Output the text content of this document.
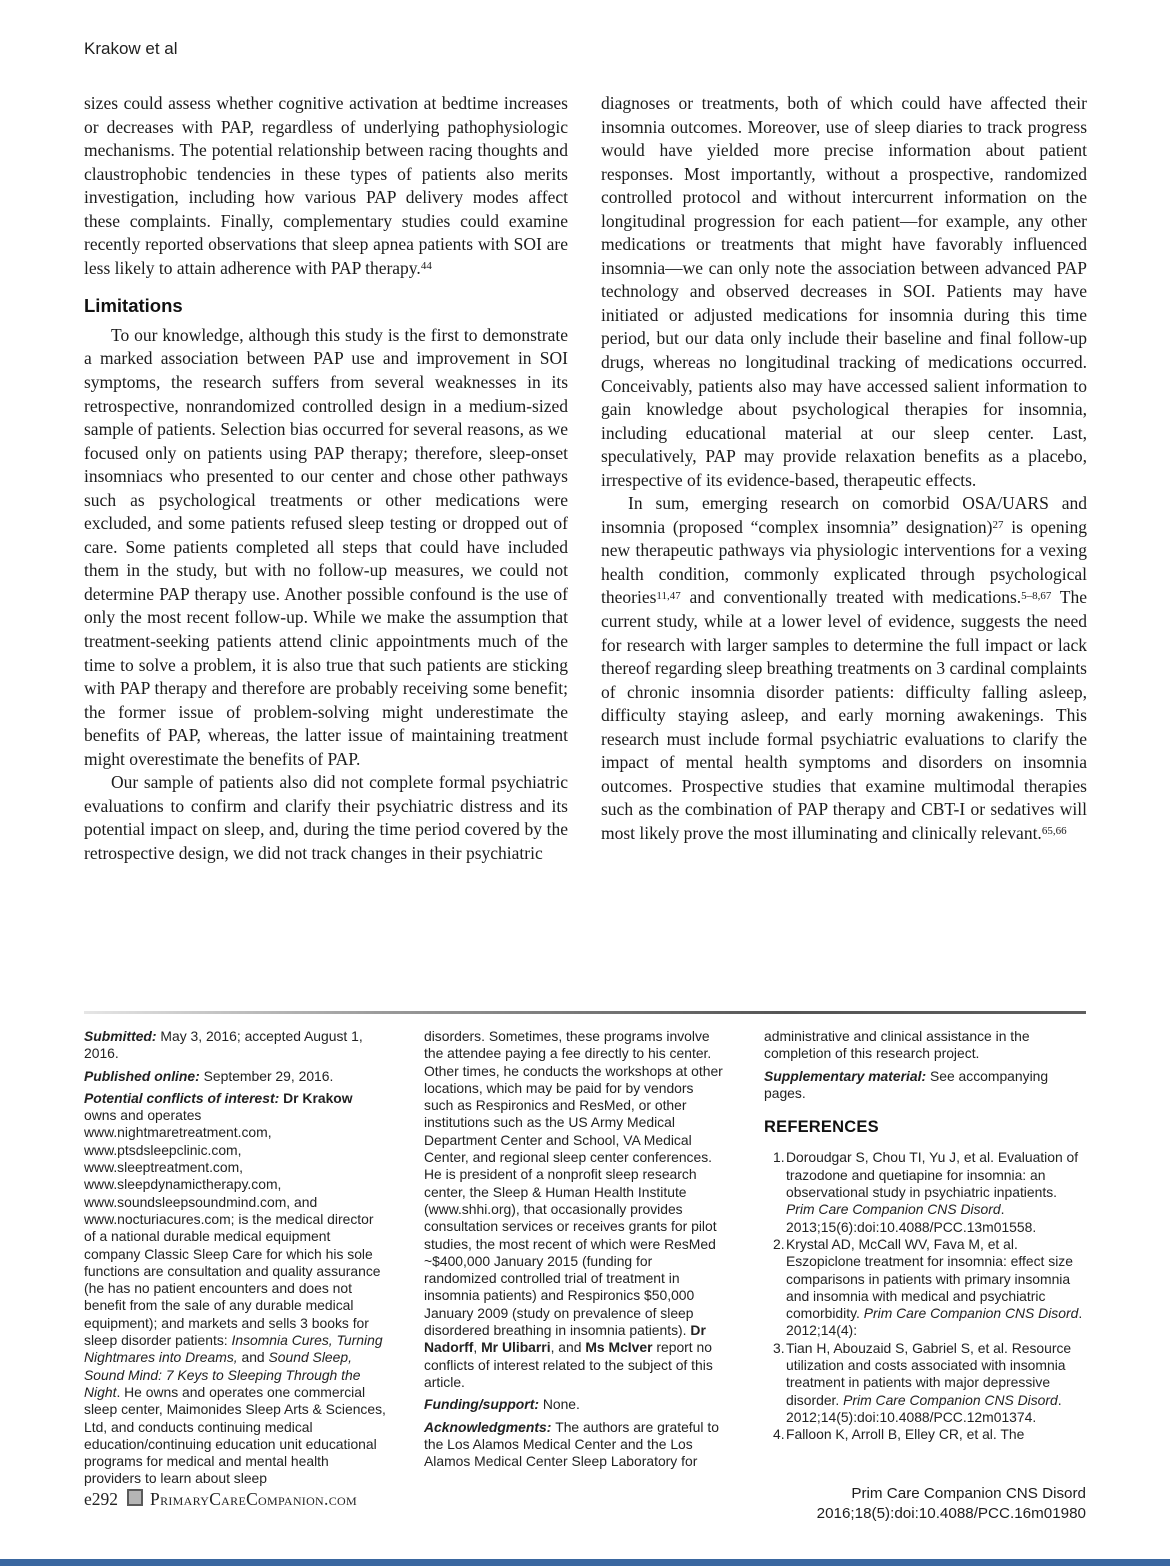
Krakow et al

sizes could assess whether cognitive activation at bedtime increases or decreases with PAP, regardless of underlying pathophysiologic mechanisms. The potential relationship between racing thoughts and claustrophobic tendencies in these types of patients also merits investigation, including how various PAP delivery modes affect these complaints. Finally, complementary studies could examine recently reported observations that sleep apnea patients with SOI are less likely to attain adherence with PAP therapy.$^{44}$

Limitations

To our knowledge, although this study is the first to demonstrate a marked association between PAP use and improvement in SOI symptoms, the research suffers from several weaknesses in its retrospective, nonrandomized controlled design in a medium-sized sample of patients. Selection bias occurred for several reasons, as we focused only on patients using PAP therapy; therefore, sleep-onset insomniacs who presented to our center and chose other pathways such as psychological treatments or other medications were excluded, and some patients refused sleep testing or dropped out of care. Some patients completed all steps that could have included them in the study, but with no follow-up measures, we could not determine PAP therapy use. Another possible confound is the use of only the most recent follow-up. While we make the assumption that treatment-seeking patients attend clinic appointments much of the time to solve a problem, it is also true that such patients are sticking with PAP therapy and therefore are probably receiving some benefit; the former issue of problem-solving might underestimate the benefits of PAP, whereas, the latter issue of maintaining treatment might overestimate the benefits of PAP.

Our sample of patients also did not complete formal psychiatric evaluations to confirm and clarify their psychiatric distress and its potential impact on sleep, and, during the time period covered by the retrospective design, we did not track changes in their psychiatric

diagnoses or treatments, both of which could have affected their insomnia outcomes. Moreover, use of sleep diaries to track progress would have yielded more precise information about patient responses. Most importantly, without a prospective, randomized controlled protocol and without intercurrent information on the longitudinal progression for each patient—for example, any other medications or treatments that might have favorably influenced insomnia—we can only note the association between advanced PAP technology and observed decreases in SOI. Patients may have initiated or adjusted medications for insomnia during this time period, but our data only include their baseline and final follow-up drugs, whereas no longitudinal tracking of medications occurred. Conceivably, patients also may have accessed salient information to gain knowledge about psychological therapies for insomnia, including educational material at our sleep center. Last, speculatively, PAP may provide relaxation benefits as a placebo, irrespective of its evidence-based, therapeutic effects.

In sum, emerging research on comorbid OSA/UARS and insomnia (proposed “complex insomnia” designation)$^{27}$ is opening new therapeutic pathways via physiologic interventions for a vexing health condition, commonly explicated through psychological theories$^{11,47}$ and conventionally treated with medications.$^{5-8,67}$ The current study, while at a lower level of evidence, suggests the need for research with larger samples to determine the full impact or lack thereof regarding sleep breathing treatments on 3 cardinal complaints of chronic insomnia disorder patients: difficulty falling asleep, difficulty staying asleep, and early morning awakenings. This research must include formal psychiatric evaluations to clarify the impact of mental health symptoms and disorders on insomnia outcomes. Prospective studies that examine multimodal therapies such as the combination of PAP therapy and CBT-I or sedatives will most likely prove the most illuminating and clinically relevant.$^{65,66}$

Submitted: May 3, 2016; accepted August 1, 2016.

Published online: September 29, 2016.

Potential conflicts of interest: Dr Krakow owns and operates www.nightmaretreatment.com, www.ptsdsleepclinic.com, www.sleeptreatment.com, www.sleepdynamictherapy.com, www.soundsleepsoundmind.com, and www.nocturiacures.com; is the medical director of a national durable medical equipment company Classic Sleep Care for which his sole functions are consultation and quality assurance (he has no patient encounters and does not benefit from the sale of any durable medical equipment); and markets and sells 3 books for sleep disorder patients: Insomnia Cures, Turning Nightmares into Dreams, and Sound Sleep, Sound Mind: 7 Keys to Sleeping Through the Night. He owns and operates one commercial sleep center, Maimonides Sleep Arts & Sciences, Ltd, and conducts continuing medical education/continuing education unit educational programs for medical and mental health providers to learn about sleep

disorders. Sometimes, these programs involve the attendee paying a fee directly to his center. Other times, he conducts the workshops at other locations, which may be paid for by vendors such as Respironics and ResMed, or other institutions such as the US Army Medical Department Center and School, VA Medical Center, and regional sleep center conferences. He is president of a nonprofit sleep research center, the Sleep & Human Health Institute (www.shhi.org), that occasionally provides consultation services or receives grants for pilot studies, the most recent of which were ResMed ~$400,000 January 2015 (funding for randomized controlled trial of treatment in insomnia patients) and Respironics $50,000 January 2009 (study on prevalence of sleep disordered breathing in insomnia patients). Dr Nadorff, Mr Ulibarri, and Ms McIver report no conflicts of interest related to the subject of this article.

Funding/support: None.

Acknowledgments: The authors are grateful to the Los Alamos Medical Center and the Los Alamos Medical Center Sleep Laboratory for

administrative and clinical assistance in the completion of this research project.

Supplementary material: See accompanying pages.

REFERENCES
1. Doroudgar S, Chou TI, Yu J, et al. Evaluation of trazodone and quetiapine for insomnia: an observational study in psychiatric inpatients. Prim Care Companion CNS Disord. 2013;15(6):doi:10.4088/PCC.13m01558.
2. Krystal AD, McCall WV, Fava M, et al. Eszopiclone treatment for insomnia: effect size comparisons in patients with primary insomnia and insomnia with medical and psychiatric comorbidity. Prim Care Companion CNS Disord. 2012;14(4):
3. Tian H, Abouzaid S, Gabriel S, et al. Resource utilization and costs associated with insomnia treatment in patients with major depressive disorder. Prim Care Companion CNS Disord. 2012;14(5):doi:10.4088/PCC.12m01374.
4. Falloon K, Arroll B, Elley CR, et al. The
e292 PrimaryCareCompanion.com	Prim Care Companion CNS Disord
2016;18(5):doi:10.4088/PCC.16m01980
